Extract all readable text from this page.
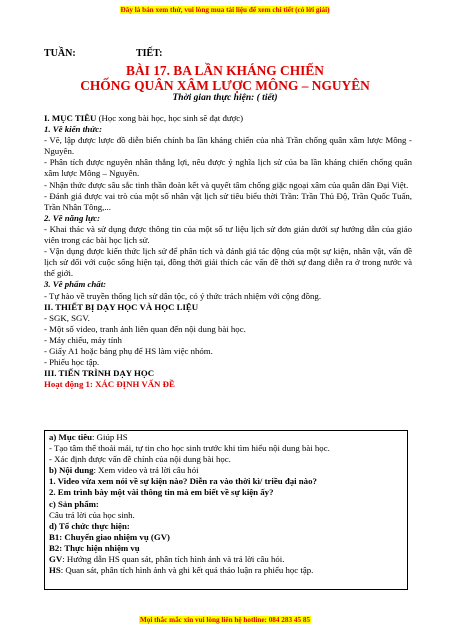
Đây là bản xem thử, vui lòng mua tài liệu để xem chi tiết (có lời giải)
TUẦN:	TIẾT:
BÀI 17. BA LẦN KHÁNG CHIẾN
CHỐNG QUÂN XÂM LƯỢC MÔNG – NGUYÊN
Thời gian thực hiện: ( tiết)

I. MỤC TIÊU (Học xong bài học, học sinh sẽ đạt được)

1. Về kiến thức:

- Vẽ, lập được lược đồ diễn biến chính ba lần kháng chiến của nhà Trần chống quân xâm lược Mông - Nguyên.

- Phân tích được nguyên nhân thắng lợi, nêu được ý nghĩa lịch sử của ba lần kháng chiến chống quân xâm lược Mông – Nguyên.

- Nhận thức được sâu sắc tinh thần đoàn kết và quyết tâm chống giặc ngoại xâm của quân dân Đại Việt.

- Đánh giá được vai trò của một số nhân vật lịch sử tiêu biểu thời Trần: Trần Thủ Độ, Trần Quốc Tuấn, Trần Nhân Tông,...

2. Về năng lực:

- Khai thác và sử dụng được thông tin của một số tư liệu lịch sử đơn giản dưới sự hướng dẫn của giáo viên trong các bài học lịch sử.

- Vận dụng được kiến thức lịch sử để phân tích và đánh giá tác động của một sự kiện, nhân vật, vấn đề lịch sử đối với cuộc sống hiện tại, đồng thời giải thích các vấn đề thời sự đang diễn ra ở trong nước và thế giới.

3. Về phẩm chất:

- Tự hào về truyền thống lịch sử dân tộc, có ý thức trách nhiệm với cộng đồng.

II. THIẾT BỊ DẠY HỌC VÀ HỌC LIỆU

- SGK, SGV.

- Một số video, tranh ảnh liên quan đến nội dung bài học.

- Máy chiếu, máy tính

- Giấy A1 hoặc bảng phụ để HS làm việc nhóm.

- Phiếu học tập.

III. TIẾN TRÌNH DẠY HỌC

Hoạt động 1: XÁC ĐỊNH VẤN ĐỀ

a) Mục tiêu: Giúp HS

- Tạo tâm thế thoải mái, tự tin cho học sinh trước khi tìm hiểu nội dung bài học.

- Xác định được vấn đề chính của nội dung bài học.

b) Nội dung: Xem video và trả lời câu hỏi

1. Video vừa xem nói về sự kiện nào? Diễn ra vào thời kì/ triều đại nào?

2. Em trình bày một vài thông tin mà em biết về sự kiện ấy?

c) Sản phẩm:

Câu trả lời của học sinh.

d) Tổ chức thực hiện:

B1: Chuyển giao nhiệm vụ (GV)

B2: Thực hiện nhiệm vụ

GV: Hướng dẫn HS quan sát, phân tích hình ảnh và trả lời câu hỏi.

HS: Quan sát, phân tích hình ảnh và ghi kết quả thảo luận ra phiếu học tập.

Mọi thắc mắc xin vui lòng liên hệ hotline: 084 283 45 85
